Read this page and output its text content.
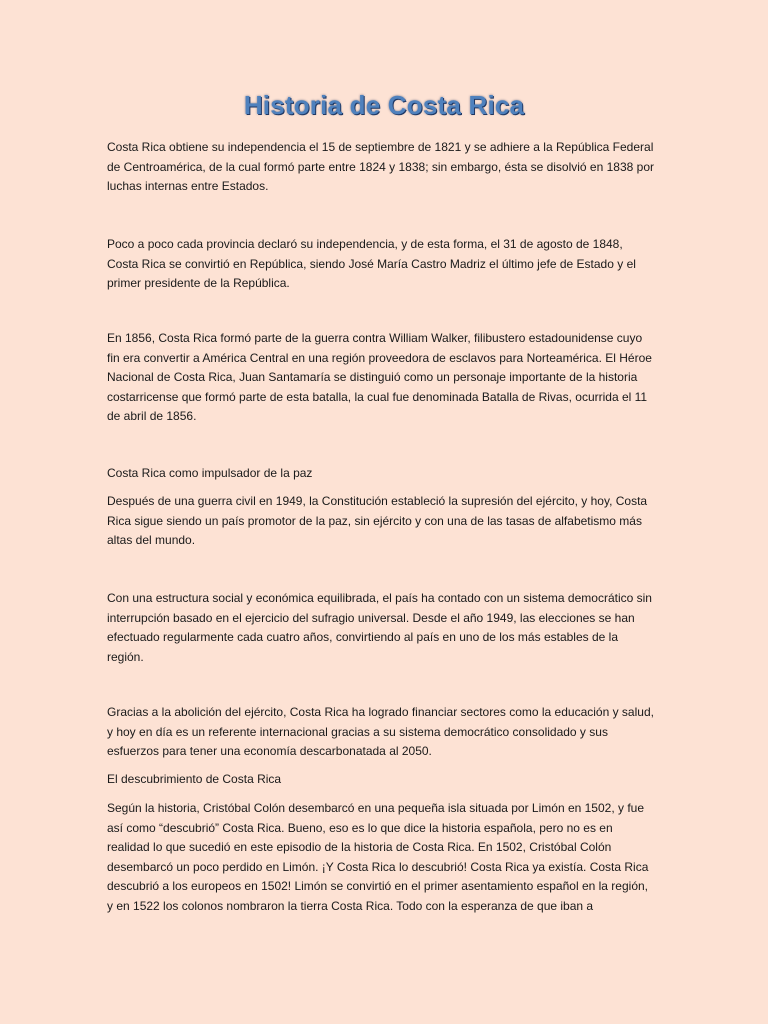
Historia de Costa Rica

Costa Rica obtiene su independencia el 15 de septiembre de 1821 y se adhiere a la República Federal de Centroamérica, de la cual formó parte entre 1824 y 1838; sin embargo, ésta se disolvió en 1838 por luchas internas entre Estados.

Poco a poco cada provincia declaró su independencia, y de esta forma, el 31 de agosto de 1848, Costa Rica se convirtió en República, siendo José María Castro Madriz el último jefe de Estado y el primer presidente de la República.

En 1856, Costa Rica formó parte de la guerra contra William Walker, filibustero estadounidense cuyo fin era convertir a América Central en una región proveedora de esclavos para Norteamérica. El Héroe Nacional de Costa Rica, Juan Santamaría se distinguió como un personaje importante de la historia costarricense que formó parte de esta batalla, la cual fue denominada Batalla de Rivas, ocurrida el 11 de abril de 1856.

Costa Rica como impulsador de la paz

Después de una guerra civil en 1949, la Constitución estableció la supresión del ejército, y hoy, Costa Rica sigue siendo un país promotor de la paz, sin ejército y con una de las tasas de alfabetismo más altas del mundo.

Con una estructura social y económica equilibrada, el país ha contado con un sistema democrático sin interrupción basado en el ejercicio del sufragio universal. Desde el año 1949, las elecciones se han efectuado regularmente cada cuatro años, convirtiendo al país en uno de los más estables de la región.

Gracias a la abolición del ejército, Costa Rica ha logrado financiar sectores como la educación y salud, y hoy en día es un referente internacional gracias a su sistema democrático consolidado y sus esfuerzos para tener una economía descarbonatada al 2050.

El descubrimiento de Costa Rica

Según la historia, Cristóbal Colón desembarcó en una pequeña isla situada por Limón en 1502, y fue así como “descubrió” Costa Rica. Bueno, eso es lo que dice la historia española, pero no es en realidad lo que sucedió en este episodio de la historia de Costa Rica. En 1502, Cristóbal Colón desembarcó un poco perdido en Limón. ¡Y Costa Rica lo descubrió! Costa Rica ya existía. Costa Rica descubrió a los europeos en 1502! Limón se convirtió en el primer asentamiento español en la región, y en 1522 los colonos nombraron la tierra Costa Rica. Todo con la esperanza de que iban a
